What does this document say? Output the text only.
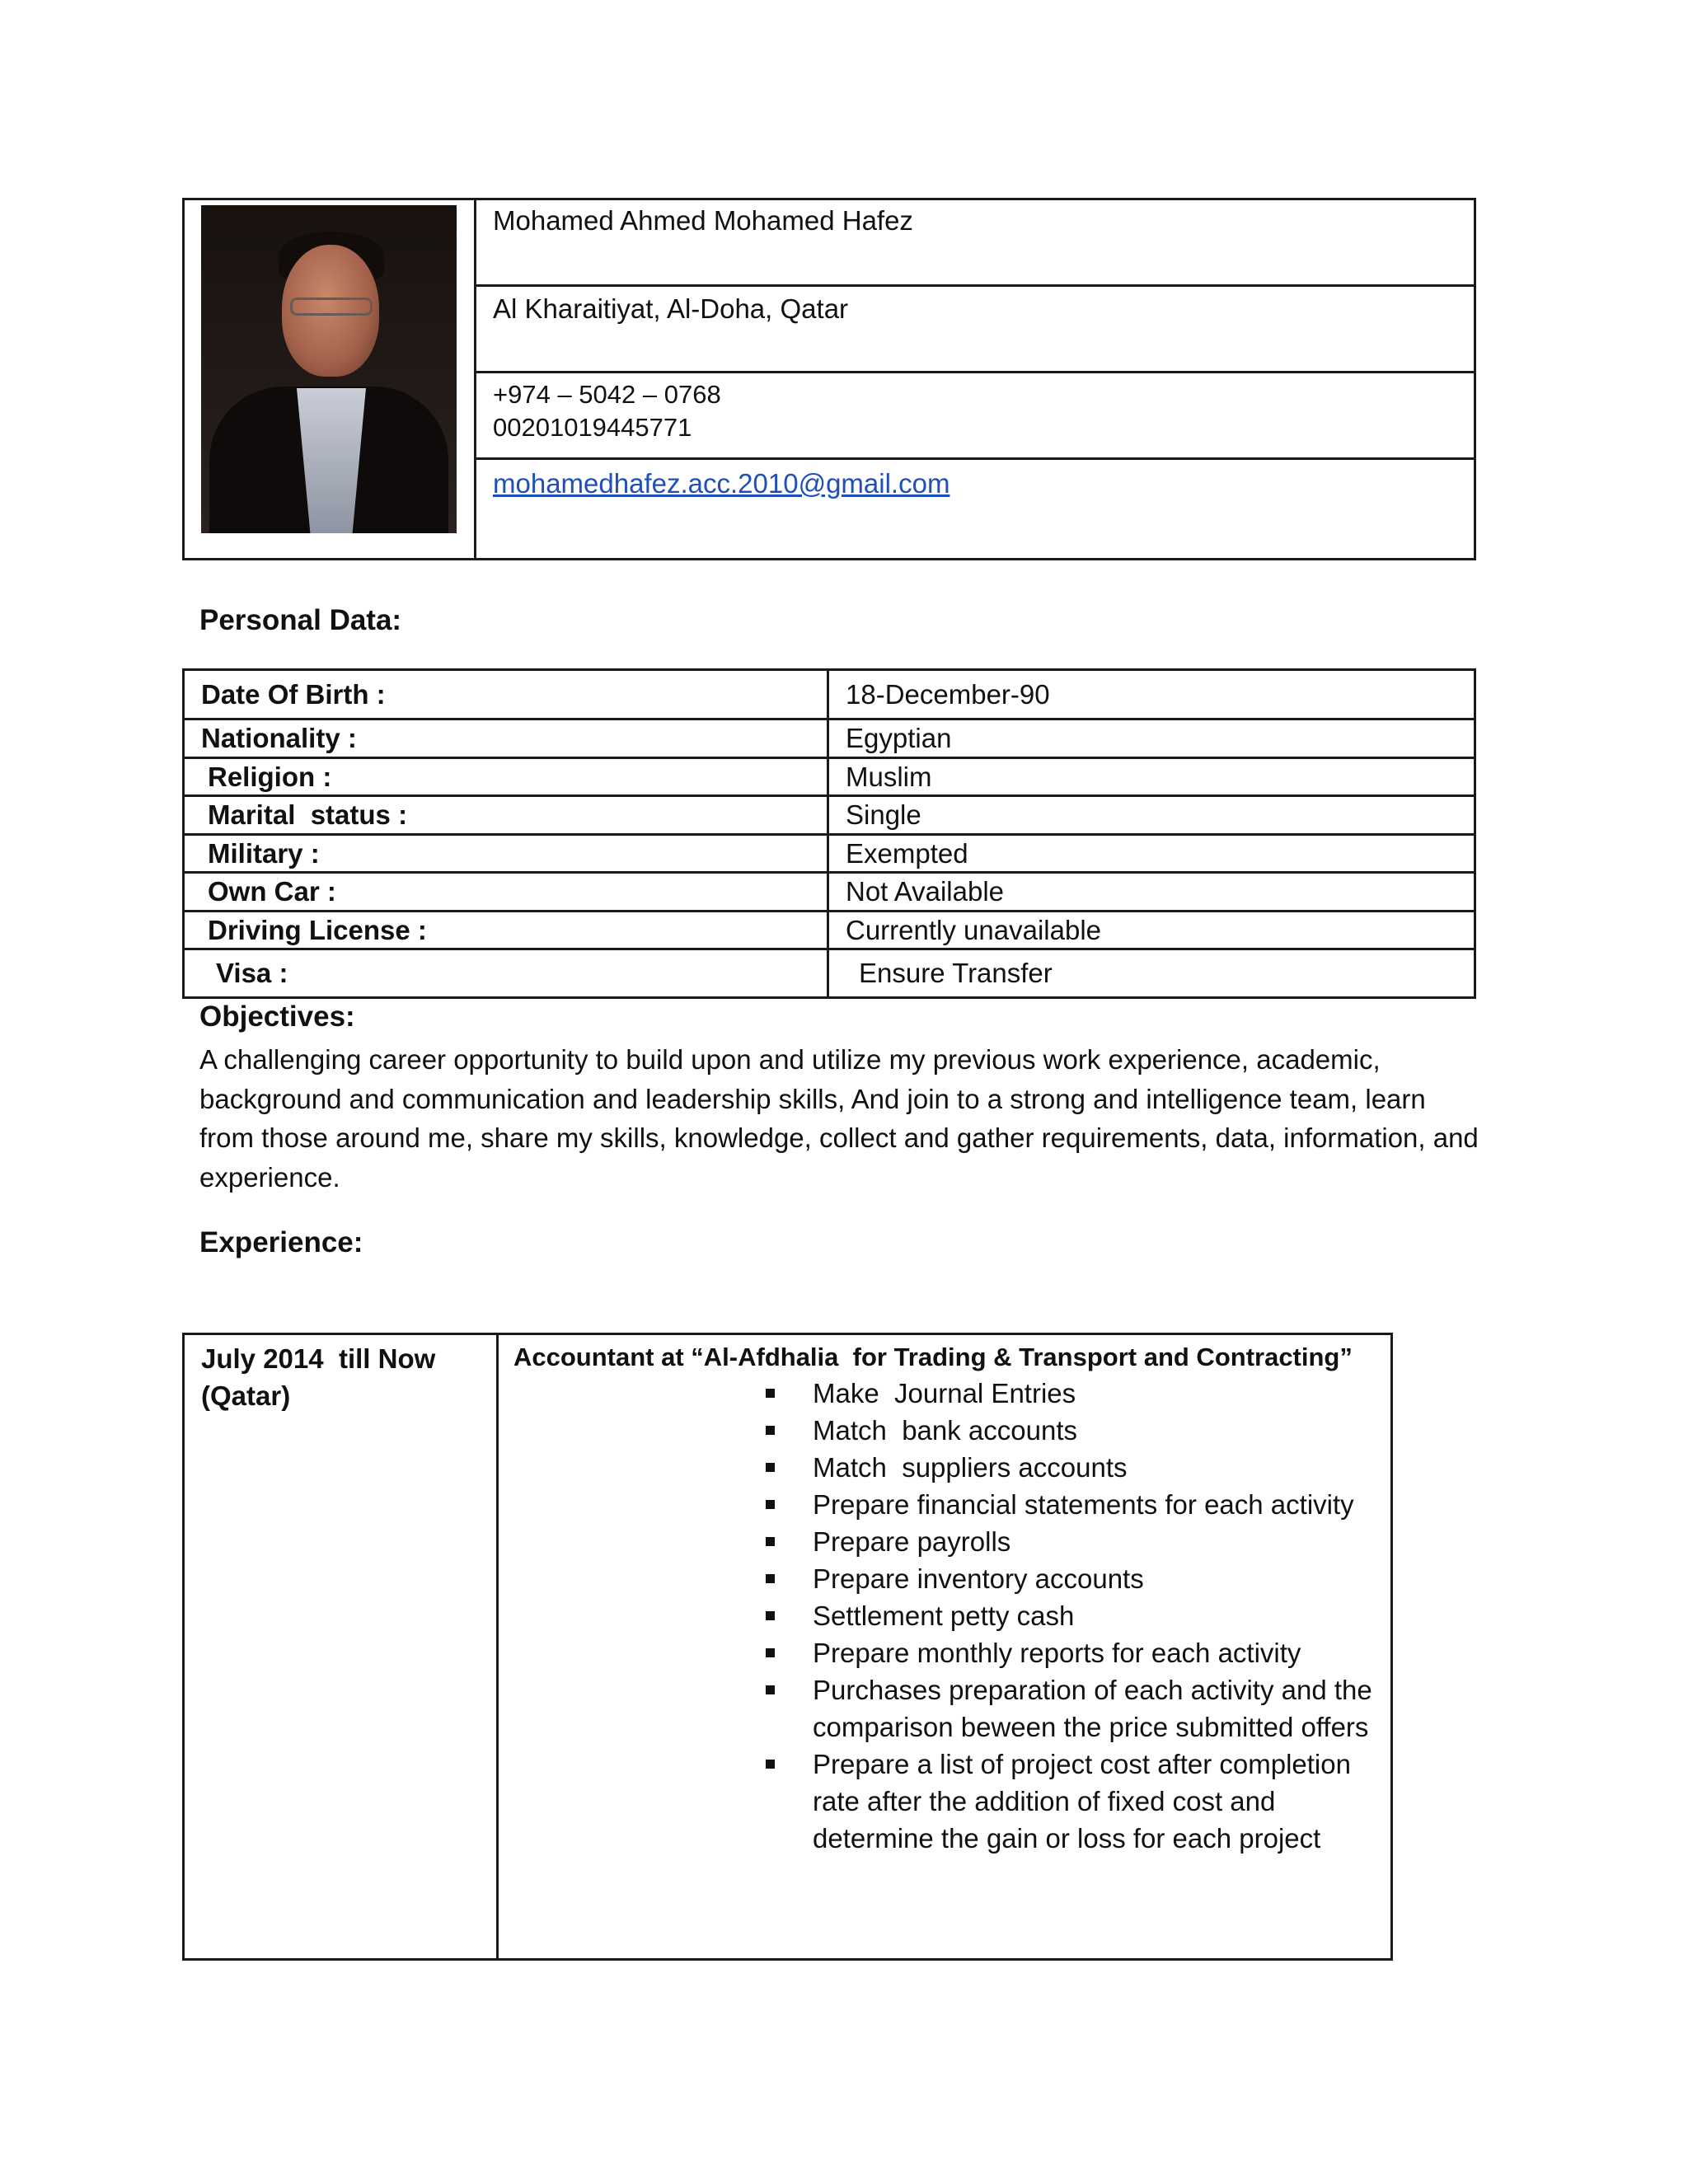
Mohamed Ahmed Mohamed Hafez
Al Kharaitiyat, Al-Doha, Qatar
+974 – 5042 – 0768
00201019445771
mohamedhafez.acc.2010@gmail.com
Personal Data:
Date Of Birth :	18-December-90
Nationality :	Egyptian
Religion :	Muslim
Marital  status :	Single
Military :	Exempted
Own Car :	Not Available
Driving License :	Currently unavailable
Visa :	Ensure Transfer
Objectives:
A challenging career opportunity to build upon and utilize my previous work experience, academic, background and communication and leadership skills, And join to a strong and intelligence team, learn from those around me, share my skills, knowledge, collect and gather requirements, data, information, and experience.
Experience:
July 2014  till Now
(Qatar)
Accountant at “Al-Afdhalia  for Trading & Transport and Contracting”
Make  Journal Entries
Match  bank accounts
Match  suppliers accounts
Prepare financial statements for each activity
Prepare payrolls
Prepare inventory accounts
Settlement petty cash
Prepare monthly reports for each activity
Purchases preparation of each activity and the comparison beween the price submitted offers
Prepare a list of project cost after completion rate after the addition of fixed cost and determine the gain or loss for each project
